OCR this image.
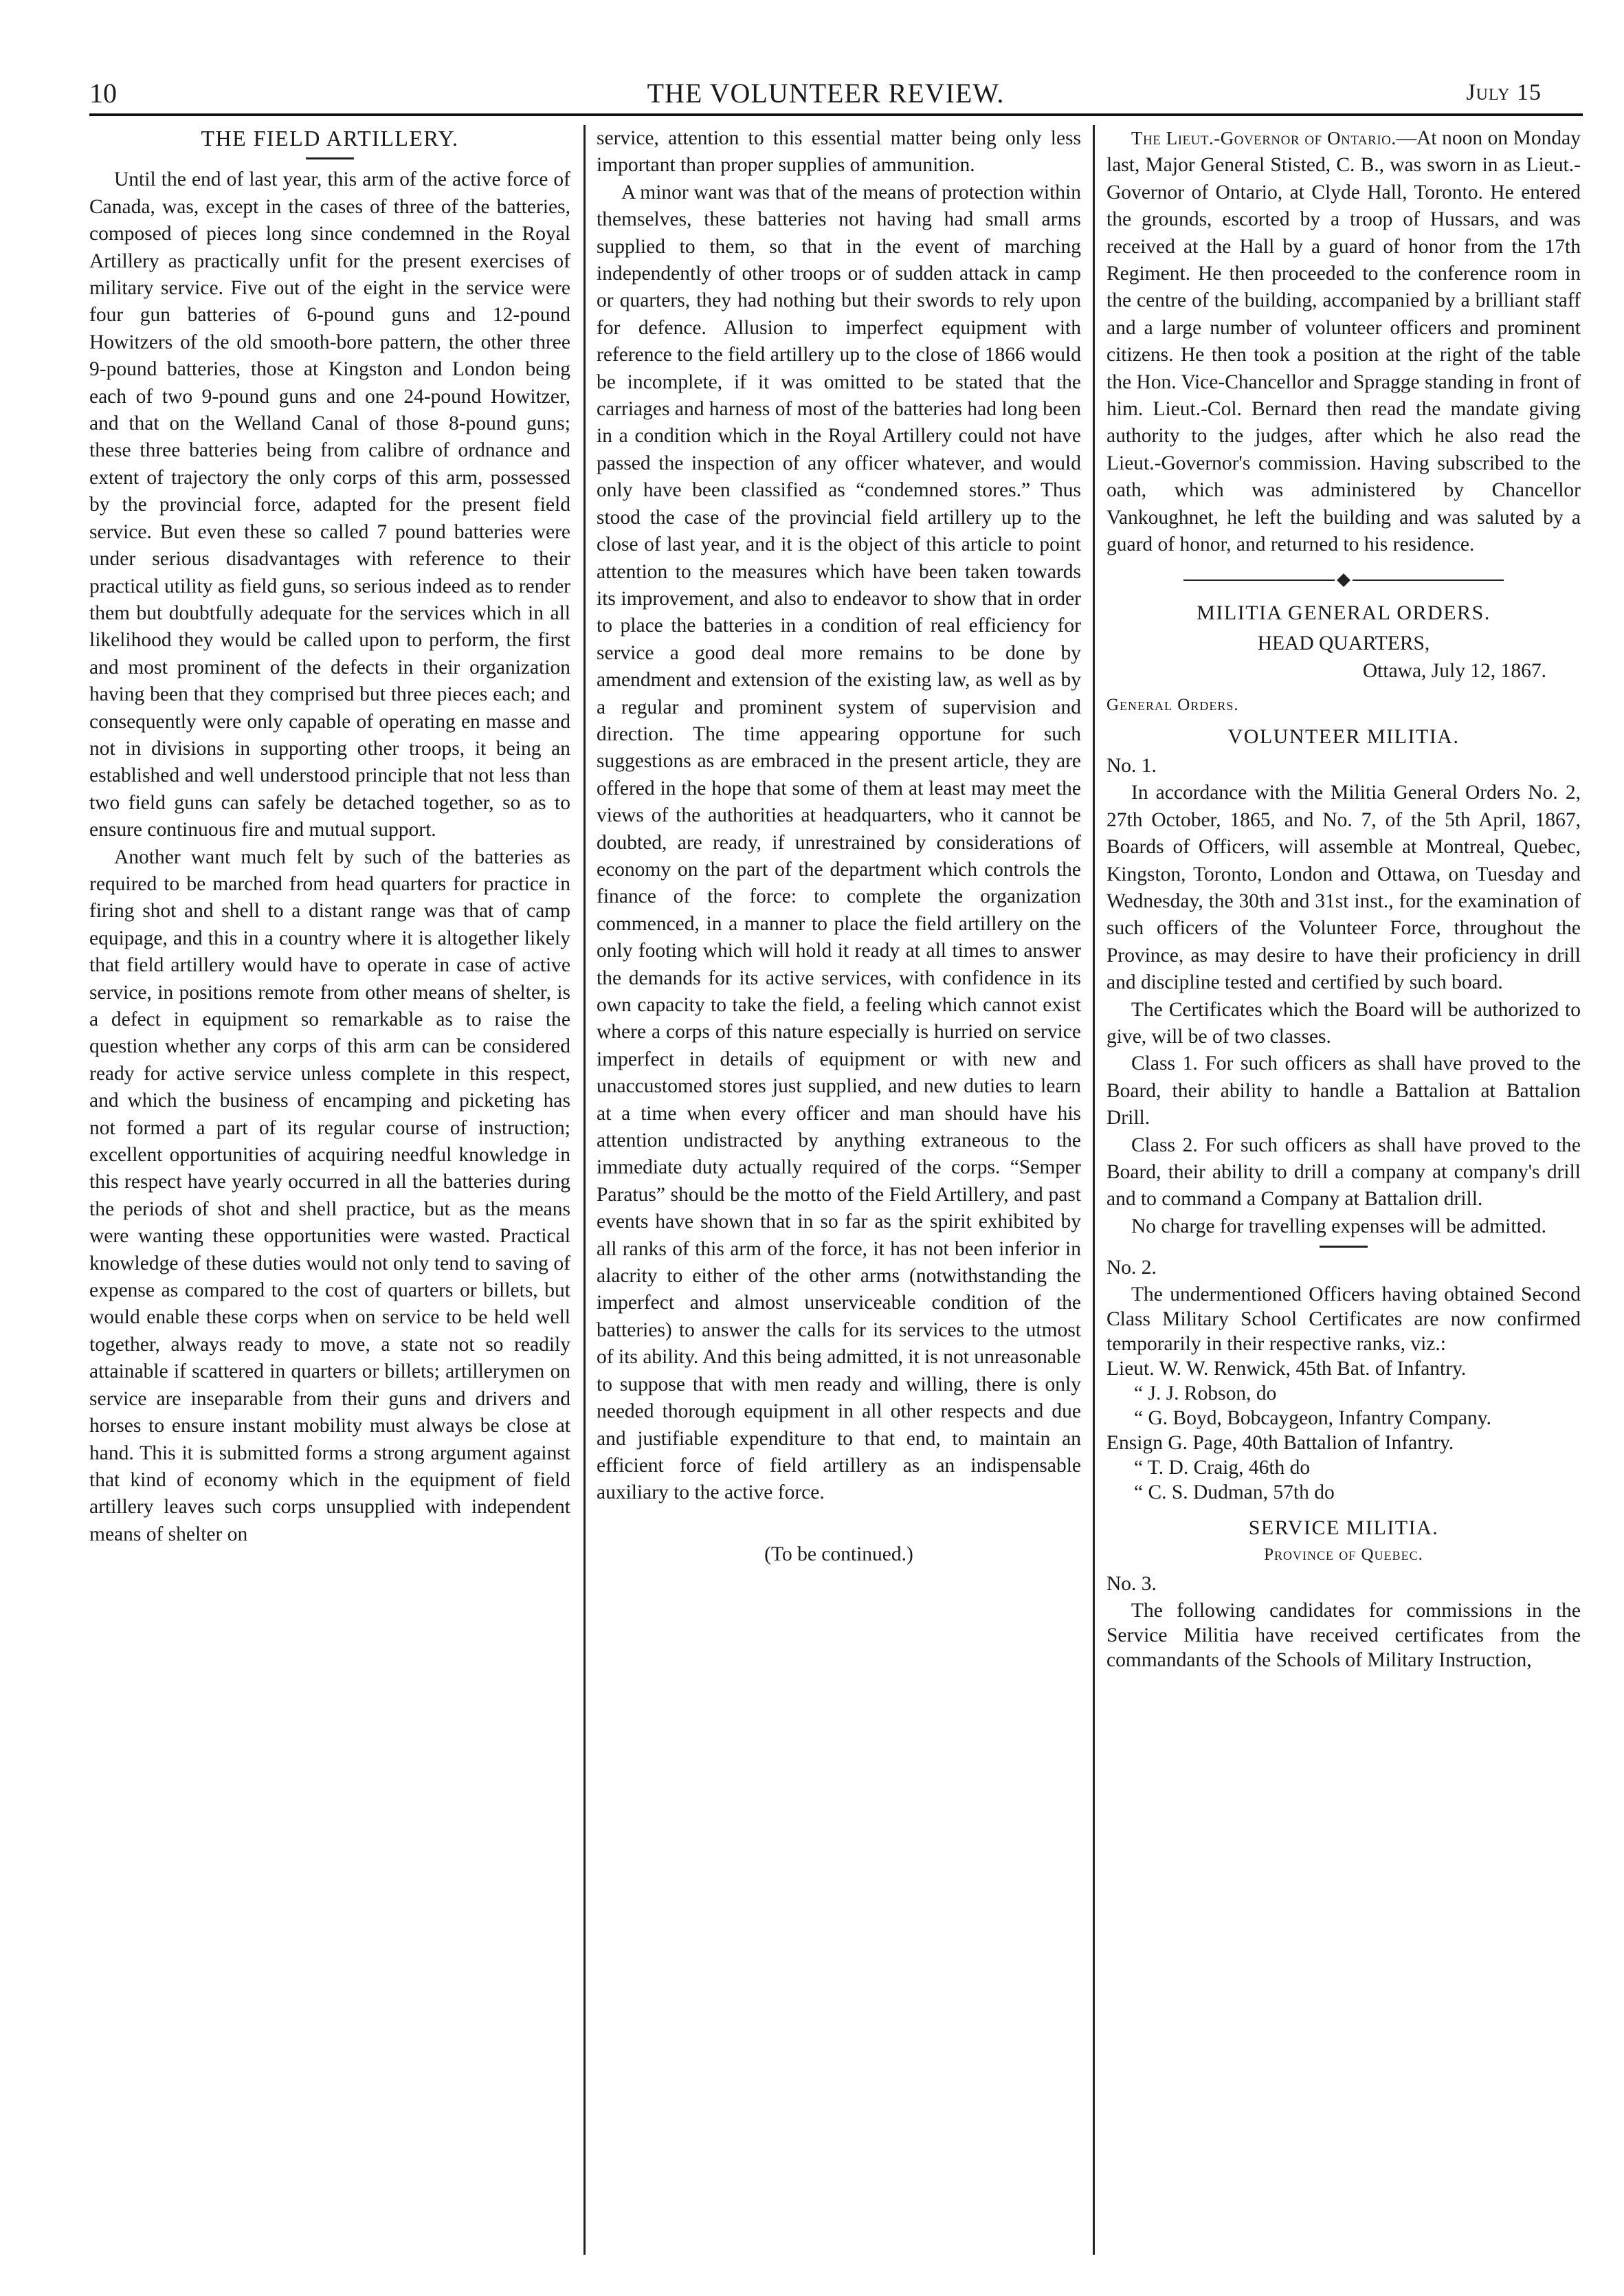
10	THE VOLUNTEER REVIEW.	July 15
THE FIELD ARTILLERY.

Until the end of last year, this arm of the active force of Canada, was, except in the cases of three of the batteries, composed of pieces long since condemned in the Royal Artillery as practically unfit for the present exercises of military service. Five out of the eight in the service were four gun batteries of 6-pound guns and 12-pound Howitzers of the old smooth-bore pattern, the other three 9-pound batteries, those at Kingston and London being each of two 9-pound guns and one 24-pound Howitzer, and that on the Welland Canal of those 8-pound guns; these three batteries being from calibre of ordnance and extent of trajectory the only corps of this arm, possessed by the provincial force, adapted for the present field service. But even these so called 7 pound batteries were under serious disadvantages with reference to their practical utility as field guns, so serious indeed as to render them but doubtfully adequate for the services which in all likelihood they would be called upon to perform, the first and most prominent of the defects in their organization having been that they comprised but three pieces each; and consequently were only capable of operating en masse and not in divisions in supporting other troops, it being an established and well understood principle that not less than two field guns can safely be detached together, so as to ensure continuous fire and mutual support.

Another want much felt by such of the batteries as required to be marched from head quarters for practice in firing shot and shell to a distant range was that of camp equipage, and this in a country where it is altogether likely that field artillery would have to operate in case of active service, in positions remote from other means of shelter, is a defect in equipment so remarkable as to raise the question whether any corps of this arm can be considered ready for active service unless complete in this respect, and which the business of encamping and picketing has not formed a part of its regular course of instruction; excellent opportunities of acquiring needful knowledge in this respect have yearly occurred in all the batteries during the periods of shot and shell practice, but as the means were wanting these opportunities were wasted. Practical knowledge of these duties would not only tend to saving of expense as compared to the cost of quarters or billets, but would enable these corps when on service to be held well together, always ready to move, a state not so readily attainable if scattered in quarters or billets; artillerymen on service are inseparable from their guns and drivers and horses to ensure instant mobility must always be close at hand. This it is submitted forms a strong argument against that kind of economy which in the equipment of field artillery leaves such corps unsupplied with independent means of shelter on

service, attention to this essential matter being only less important than proper supplies of ammunition.

A minor want was that of the means of protection within themselves, these batteries not having had small arms supplied to them, so that in the event of marching independently of other troops or of sudden attack in camp or quarters, they had nothing but their swords to rely upon for defence. Allusion to imperfect equipment with reference to the field artillery up to the close of 1866 would be incomplete, if it was omitted to be stated that the carriages and harness of most of the batteries had long been in a condition which in the Royal Artillery could not have passed the inspection of any officer whatever, and would only have been classified as “condemned stores.” Thus stood the case of the provincial field artillery up to the close of last year, and it is the object of this article to point attention to the measures which have been taken towards its improvement, and also to endeavor to show that in order to place the batteries in a condition of real efficiency for service a good deal more remains to be done by amendment and extension of the existing law, as well as by a regular and prominent system of supervision and direction. The time appearing opportune for such suggestions as are embraced in the present article, they are offered in the hope that some of them at least may meet the views of the authorities at headquarters, who it cannot be doubted, are ready, if unrestrained by considerations of economy on the part of the department which controls the finance of the force: to complete the organization commenced, in a manner to place the field artillery on the only footing which will hold it ready at all times to answer the demands for its active services, with confidence in its own capacity to take the field, a feeling which cannot exist where a corps of this nature especially is hurried on service imperfect in details of equipment or with new and unaccustomed stores just supplied, and new duties to learn at a time when every officer and man should have his attention undistracted by anything extraneous to the immediate duty actually required of the corps. “Semper Paratus” should be the motto of the Field Artillery, and past events have shown that in so far as the spirit exhibited by all ranks of this arm of the force, it has not been inferior in alacrity to either of the other arms (notwithstanding the imperfect and almost unserviceable condition of the batteries) to answer the calls for its services to the utmost of its ability. And this being admitted, it is not unreasonable to suppose that with men ready and willing, there is only needed thorough equipment in all other respects and due and justifiable expenditure to that end, to maintain an efficient force of field artillery as an indispensable auxiliary to the active force.

(To be continued.)

The Lieut.-Governor of Ontario.—At noon on Monday last, Major General Stisted, C. B., was sworn in as Lieut.-Governor of Ontario, at Clyde Hall, Toronto. He entered the grounds, escorted by a troop of Hussars, and was received at the Hall by a guard of honor from the 17th Regiment. He then proceeded to the conference room in the centre of the building, accompanied by a brilliant staff and a large number of volunteer officers and prominent citizens. He then took a position at the right of the table the Hon. Vice-Chancellor and Spragge standing in front of him. Lieut.-Col. Bernard then read the mandate giving authority to the judges, after which he also read the Lieut.-Governor's commission. Having subscribed to the oath, which was administered by Chancellor Vankoughnet, he left the building and was saluted by a guard of honor, and returned to his residence.

MILITIA GENERAL ORDERS.
HEAD QUARTERS,
Ottawa, July 12, 1867.
General Orders.
VOLUNTEER MILITIA.
No. 1.

In accordance with the Militia General Orders No. 2, 27th October, 1865, and No. 7, of the 5th April, 1867, Boards of Officers, will assemble at Montreal, Quebec, Kingston, Toronto, London and Ottawa, on Tuesday and Wednesday, the 30th and 31st inst., for the examination of such officers of the Volunteer Force, throughout the Province, as may desire to have their proficiency in drill and discipline tested and certified by such board.

The Certificates which the Board will be authorized to give, will be of two classes.

Class 1. For such officers as shall have proved to the Board, their ability to handle a Battalion at Battalion Drill.

Class 2. For such officers as shall have proved to the Board, their ability to drill a company at company's drill and to command a Company at Battalion drill.

No charge for travelling expenses will be admitted.

No. 2.

The undermentioned Officers having obtained Second Class Military School Certificates are now confirmed temporarily in their respective ranks, viz.:

Lieut. W. W. Renwick, 45th Bat. of Infantry.
“ J. J. Robson, do
“ G. Boyd, Bobcaygeon, Infantry Company.
Ensign G. Page, 40th Battalion of Infantry.
“ T. D. Craig, 46th do
“ C. S. Dudman, 57th do
SERVICE MILITIA.
Province of Quebec.
No. 3.

The following candidates for commissions in the Service Militia have received certificates from the commandants of the Schools of Military Instruction,
